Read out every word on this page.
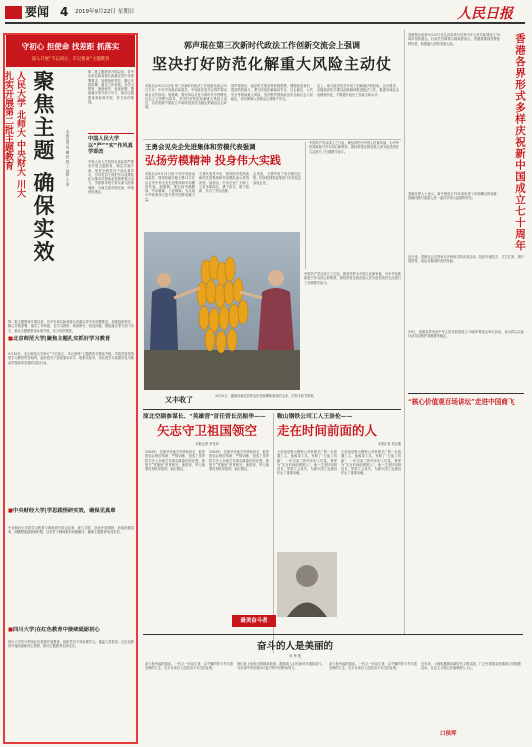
要闻 4 2019年9月22日 星期日	人民日报
守初心 担使命 找差距 抓落实
深入开展“不忘初心、牢记使命”主题教育
人民大学 北师大 中央财大 川大 扎实开展第二批主题教育 聚焦主题 确保实效	本报记者 吴 姗 张 烁 丁 怡婷 王 浩
第二批主题教育开展以来，各中央单位和高校认真落实党中央部署要求，加强组织领导，精心安排部署，落实工作举措，在学习教育、调查研究、检视问题、整改落实等方面下功夫，推动主题教育高标准开展、有力有序推进。
中国人民大学以“严”“实”作风真学即改
中国人民大学坚持以高标准严要求开展主题教育，制定实施方案，组织全校党员干部认真学习，引导党员干部把学习成果转化为推动学校事业发展的强大动力。学校领导班子带头深入院系调研，与师生面对面交流，听取意见建议。
第二批主题教育开展以来，各中央单位和高校认真落实党中央部署要求，加强组织领导，精心安排部署，落实工作举措，在学习教育、调查研究、检视问题、整改落实等方面下功夫，推动主题教育高标准开展、有力有序推进。
■北京师范大学|聚焦主题扎实抓好学习教育
9月16日，北京师范大学举行“不忘初心、牢记使命”主题教育专题读书班。学校党委坚持把学习教育贯穿始终，组织党员干部原原本本学、联系实际学，切实把学习成果转化为推动学校改革发展的实际行动。
■中央财经大学|学思践悟研实效，确保见真章
中央财经大学将学习教育与调查研究结合起来，深入学院、部处开展调研，形成问题清单，明确整改措施和时限，以钉钉子精神推动问题解决，确保主题教育取得实效。
■四川大学|在红色教育中接续砥砺初心
四川大学充分利用红色资源开展教育，组织党员干部参观学习，重温入党誓词，在红色教育中接续砥砺初心使命，推动主题教育走深走实。
郭声琨在第三次新时代政法工作创新交流会上强调
坚决打好防范化解重大风险主动仗
本报北京9月21日电 第三次新时代政法工作创新交流会21日召开。中共中央政治局委员、中央政法委书记郭声琨出席会议并讲话。他强调，要坚持以习近平新时代中国特色社会主义思想为指导，坚决打好防范化解重大风险主动仗，为庆祝新中国成立70周年创造安全稳定的政治社会环境。
郭声琨指出，政法机关要坚持底线思维，增强忧患意识，提高防控能力，着力防范化解政治安全、社会稳定、公共安全等领域重大风险，坚决维护国家政治安全和社会大局稳定，切实保障人民群众生命财产安全。
会上，地方政法机关介绍了创新做法和经验。会议要求，各级政法机关要以创新精神推进政法工作，推进市域社会治理现代化，不断提升政法工作能力和水平。
王勇会见央企先进集体和劳模代表强调
弘扬劳模精神 投身伟大实践
本报北京9月21日电 中共中央政治局委员、国务院副总理王勇21日在京会见中央企业先进集体和劳动模范代表。他强调，要弘扬劳模精神、劳动精神、工匠精神，为实现中华民族伟大复兴的中国梦贡献力量。
王勇代表党中央、国务院向受到表彰的先进集体和劳动模范表示热烈祝贺。他指出，中央企业广大职工立足本职岗位，勇于担当、敢于创新，作出了突出贡献。
会见前，王勇听取了有关情况汇报。国务院国资委等部门负责同志参加会见。
中国共产党从成立之日起，就坚持把为中国人民谋幸福、为中华民族谋复兴作为初心和使命，团结带领全国各族人民为创造美好生活进行了长期艰辛奋斗。
又丰收了	9月20日，湖南省新化县的农民在晾晒新收获的玉米，庆祝丰收节到来。
中国共产党从成立之日起，就坚持把为中国人民谋幸福、为中华民族谋复兴作为初心和使命，团结带领全国各族人民为创造美好生活进行了长期艰辛奋斗。
原北空副参谋长、“英雄营”首任营长岳振华——
矢志守卫祖国领空
本报记者 李龙伊
1959年，岳振华任地空导弹营营长，他带领官兵刻苦钻研、严格训练，创造了世界防空史上用地空导弹击落敌机的先例，被授予“英雄营”荣誉称号。他常说，军人就要时刻听党指挥，能打胜仗。
1959年，岳振华任地空导弹营营长，他带领官兵刻苦钻研、严格训练，创造了世界防空史上用地空导弹击落敌机的先例，被授予“英雄营”荣誉称号。他常说，军人就要时刻听党指挥，能打胜仗。
鞍山钢铁公司工人王崇伦——
走在时间前面的人
本报记者 刘志强
王崇伦是鞍山钢铁公司机修总厂的一名普通工人。他改革工具，发明了“万能工具胎”，一年完成了四年多的工作量，被誉为“走在时间前面的人”。他一生坚持钻研技术，带领工人攻关，为新中国工业建设作出了重要贡献。
王崇伦是鞍山钢铁公司机修总厂的一名普通工人。他改革工具，发明了“万能工具胎”，一年完成了四年多的工作量，被誉为“走在时间前面的人”。他一生坚持钻研技术，带领工人攻关，为新中国工业建设作出了重要贡献。
最美奋斗者
奋斗的人是美丽的
孙 秀 艳
奋斗是幸福的源泉。一代又一代奋斗者，以不懈的努力书写着无悔的人生，在平凡岗位上创造出不平凡的业绩。
他们身上体现出的精神品格，激励着人们在新时代继续奋斗，为实现中华民族伟大复兴的中国梦而努力。
奋斗是幸福的源泉。一代又一代奋斗者，以不懈的努力书写着无悔的人生，在平凡岗位上创造出不平凡的业绩。
近年来，上海积极推动新时代文明实践，广泛开展群众性精神文明创建活动，社会主义核心价值观深入人心。
口侯珲
香港特区政府9月21日在礼宾府举行庆祝中华人民共和国成立70周年招待酒会。行政长官林郑月娥致辞表示，香港将继续发挥独特优势，积极融入国家发展大局。	香港各界形式多样庆祝新中国成立七十周年
香港各界人士表示，新中国成立70年来取得了举世瞩目的成就，香港同胞与祖国人民一道共享伟大祖国的荣光。
连日来，香港社会各界举办多种形式的庆祝活动，包括升旗仪式、文艺汇演、图片展览等，表达对祖国的美好祝福。
19日，香港各界庆祝中华人民共和国成立70周年筹委会举行活动，表示将以实际行动共同维护香港繁荣稳定。
“核心价值观百场讲坛”走进中国商飞
